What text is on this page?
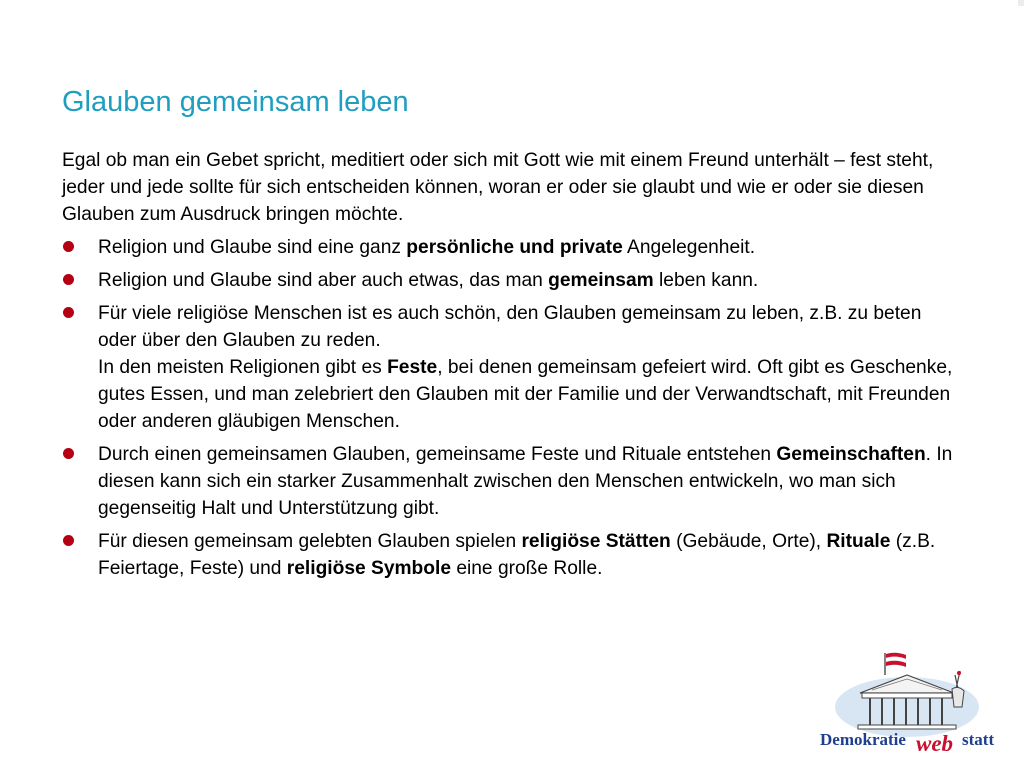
Glauben gemeinsam leben

Egal ob man ein Gebet spricht, meditiert oder sich mit Gott wie mit einem Freund unterhält – fest steht, jeder und jede sollte für sich entscheiden können, woran er oder sie glaubt und wie er oder sie diesen Glauben zum Ausdruck bringen möchte.

Religion und Glaube sind eine ganz persönliche und private Angelegenheit.
Religion und Glaube sind aber auch etwas, das man gemeinsam leben kann.
Für viele religiöse Menschen ist es auch schön, den Glauben gemeinsam zu leben, z.B. zu beten oder über den Glauben zu reden.
In den meisten Religionen gibt es Feste, bei denen gemeinsam gefeiert wird. Oft gibt es Geschenke, gutes Essen, und man zelebriert den Glauben mit der Familie und der Verwandtschaft, mit Freunden oder anderen gläubigen Menschen.
Durch einen gemeinsamen Glauben, gemeinsame Feste und Rituale entstehen Gemeinschaften. In diesen kann sich ein starker Zusammenhalt zwischen den Menschen entwickeln, wo man sich gegenseitig Halt und Unterstützung gibt.
Für diesen gemeinsam gelebten Glauben spielen religiöse Stätten (Gebäude, Orte), Rituale (z.B. Feiertage, Feste) und religiöse Symbole eine große Rolle.
Demokratie web statt
